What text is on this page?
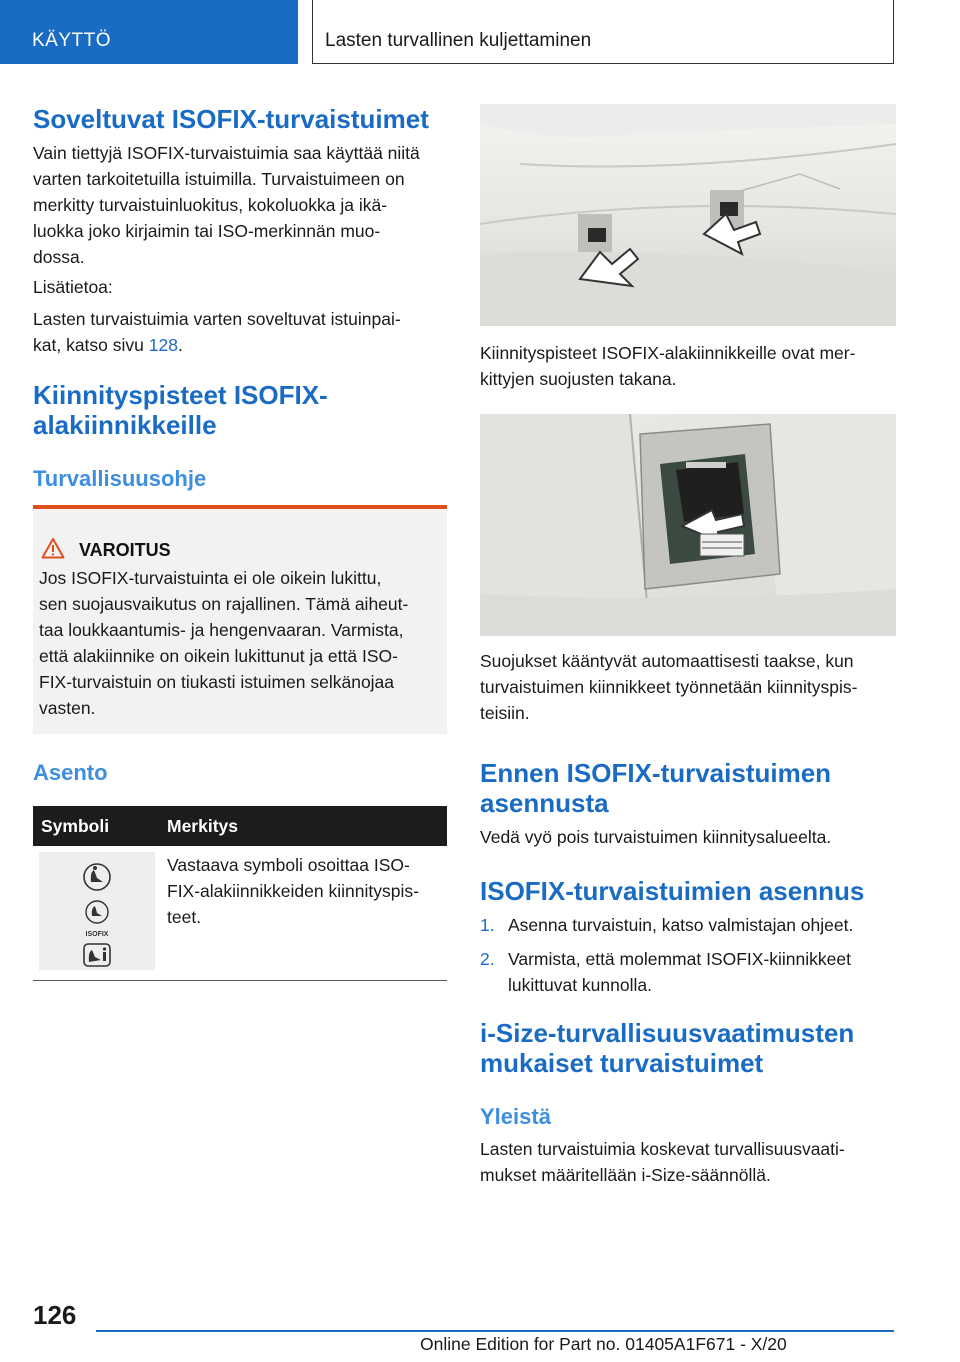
KÄYTTÖ	Lasten turvallinen kuljettaminen
Soveltuvat ISOFIX-turvaistuimet

Vain tiettyjä ISOFIX-turvaistuimia saa käyttää niitä

varten tarkoitetuilla istuimilla. Turvaistuimeen on

merkitty turvaistuinluokitus, kokoluokka ja ikä-

luokka joko kirjaimin tai ISO-merkinnän muo-

dossa.

Lisätietoa:

Lasten turvaistuimia varten soveltuvat istuinpai-

kat, katso sivu 128.

Kiinnityspisteet ISOFIX-
alakiinnikkeille
Turvallisuusohje
VAROITUS

Jos ISOFIX-turvaistuinta ei ole oikein lukittu,

sen suojausvaikutus on rajallinen. Tämä aiheut-

taa loukkaantumis- ja hengenvaaran. Varmista,

että alakiinnike on oikein lukittunut ja että ISO-

FIX-turvaistuin on tiukasti istuimen selkänojaa

vasten.

Asento
Symboli	Merkitys

ISOFIX	Vastaava symboli osoittaa ISO-

FIX-alakiinnikkeiden kiinnityspis-

teet.

Kiinnityspisteet ISOFIX-alakiinnikkeille ovat mer-

kittyjen suojusten takana.

Suojukset kääntyvät automaattisesti taakse, kun

turvaistuimen kiinnikkeet työnnetään kiinnityspis-

teisiin.

Ennen ISOFIX-turvaistuimen
asennusta

Vedä vyö pois turvaistuimen kiinnitysalueelta.

ISOFIX-turvaistuimien asennus
1. Asenna turvaistuin, katso valmistajan ohjeet.
2. Varmista, että molemmat ISOFIX-kiinnikkeet
lukittuvat kunnolla.
i-Size-turvallisuusvaatimusten
mukaiset turvaistuimet
Yleistä

Lasten turvaistuimia koskevat turvallisuusvaati-

mukset määritellään i-Size-säännöllä.

126
Online Edition for Part no. 01405A1F671 - X/20
